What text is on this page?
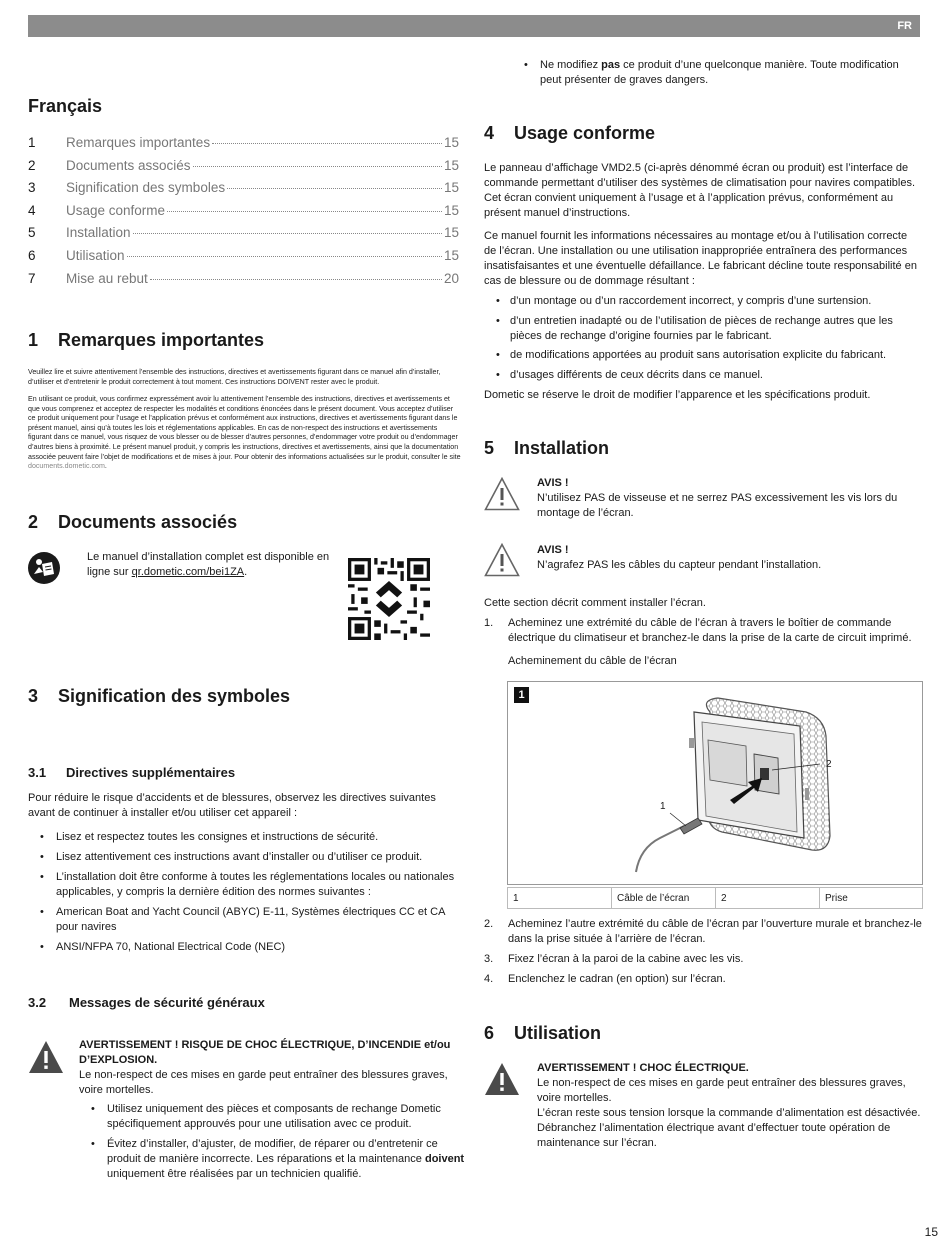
FR
Français
1	Remarques importantes	15
2	Documents associés	15
3	Signification des symboles	15
4	Usage conforme	15
5	Installation	15
6	Utilisation	15
7	Mise au rebut	20
1	Remarques importantes

Veuillez lire et suivre attentivement l’ensemble des instructions, directives et avertissements figurant dans ce manuel afin d’installer, d’utiliser et d’entretenir le produit correctement à tout moment. Ces instructions DOIVENT rester avec le produit.

En utilisant ce produit, vous confirmez expressément avoir lu attentivement l’ensemble des instructions, directives et avertissements et que vous comprenez et acceptez de respecter les modalités et conditions énoncées dans le présent document. Vous acceptez d’utiliser ce produit uniquement pour l’usage et l’application prévus et conformément aux instructions, directives et avertissements figurant dans le présent manuel, ainsi qu’à toutes les lois et réglementations applicables. En cas de non-respect des instructions et avertissements figurant dans ce manuel, vous risquez de vous blesser ou de blesser d’autres personnes, d’endommager votre produit ou d’endommager d’autres biens à proximité. Le présent manuel produit, y compris les instructions, directives et avertissements, ainsi que la documentation associée peuvent faire l’objet de modifications et de mises à jour. Pour obtenir des informations actualisées sur le produit, consulter le site documents.dometic.com.

2	Documents associés

Le manuel d’installation complet est disponible en ligne sur qr.dometic.com/bei1ZA.

3	Signification des symboles
3.1	Directives supplémentaires

Pour réduire le risque d’accidents et de blessures, observez les directives suivantes avant de continuer à installer et/ou utiliser cet appareil :

• Lisez et respectez toutes les consignes et instructions de sécurité.
• Lisez attentivement ces instructions avant d’installer ou d’utiliser ce produit.
• L’installation doit être conforme à toutes les réglementations locales ou nationales applicables, y compris la dernière édition des normes suivantes :
• American Boat and Yacht Council (ABYC) E-11, Systèmes électriques CC et CA pour navires
• ANSI/NFPA 70, National Electrical Code (NEC)
3.2	Messages de sécurité généraux

AVERTISSEMENT ! RISQUE DE CHOC ÉLECTRIQUE, D’INCENDIE et/ou D’EXPLOSION.

Le non-respect de ces mises en garde peut entraîner des blessures graves, voire mortelles.

• Utilisez uniquement des pièces et composants de rechange Dometic spécifiquement approuvés pour une utilisation avec ce produit.
• Évitez d’installer, d’ajuster, de modifier, de réparer ou d’entretenir ce produit de manière incorrecte. Les réparations et la maintenance doivent uniquement être réalisées par un technicien qualifié.
• Ne modifiez pas ce produit d’une quelconque manière. Toute modification peut présenter de graves dangers.
4	Usage conforme

Le panneau d’affichage VMD2.5 (ci-après dénommé écran ou produit) est l’interface de commande permettant d’utiliser des systèmes de climatisation pour navires compatibles. Cet écran convient uniquement à l’usage et à l’application prévus, conformément au présent manuel d’instructions.

Ce manuel fournit les informations nécessaires au montage et/ou à l’utilisation correcte de l’écran. Une installation ou une utilisation inappropriée entraînera des performances insatisfaisantes et une éventuelle défaillance. Le fabricant décline toute responsabilité en cas de blessure ou de dommage résultant :

• d’un montage ou d’un raccordement incorrect, y compris d’une surtension.
• d’un entretien inadapté ou de l’utilisation de pièces de rechange autres que les pièces de rechange d’origine fournies par le fabricant.
• de modifications apportées au produit sans autorisation explicite du fabricant.
• d’usages différents de ceux décrits dans ce manuel.

Dometic se réserve le droit de modifier l’apparence et les spécifications produit.

5	Installation

AVIS !

N’utilisez PAS de visseuse et ne serrez PAS excessivement les vis lors du montage de l’écran.

AVIS !

N’agrafez PAS les câbles du capteur pendant l’installation.

Cette section décrit comment installer l’écran.

1. Acheminez une extrémité du câble de l’écran à travers le boîtier de commande électrique du climatiseur et branchez-le dans la prise de la carte de circuit imprimé.

Acheminement du câble de l’écran

1
1
2
1	Câble de l’écran	2	Prise
2. Acheminez l’autre extrémité du câble de l’écran par l’ouverture murale et branchez-le dans la prise située à l’arrière de l’écran.
3. Fixez l’écran à la paroi de la cabine avec les vis.
4. Enclenchez le cadran (en option) sur l’écran.
6	Utilisation

AVERTISSEMENT ! CHOC ÉLECTRIQUE.

Le non-respect de ces mises en garde peut entraîner des blessures graves, voire mortelles.

L’écran reste sous tension lorsque la commande d’alimentation est désactivée. Débranchez l’alimentation électrique avant d’effectuer toute opération de maintenance sur l’écran.

15
